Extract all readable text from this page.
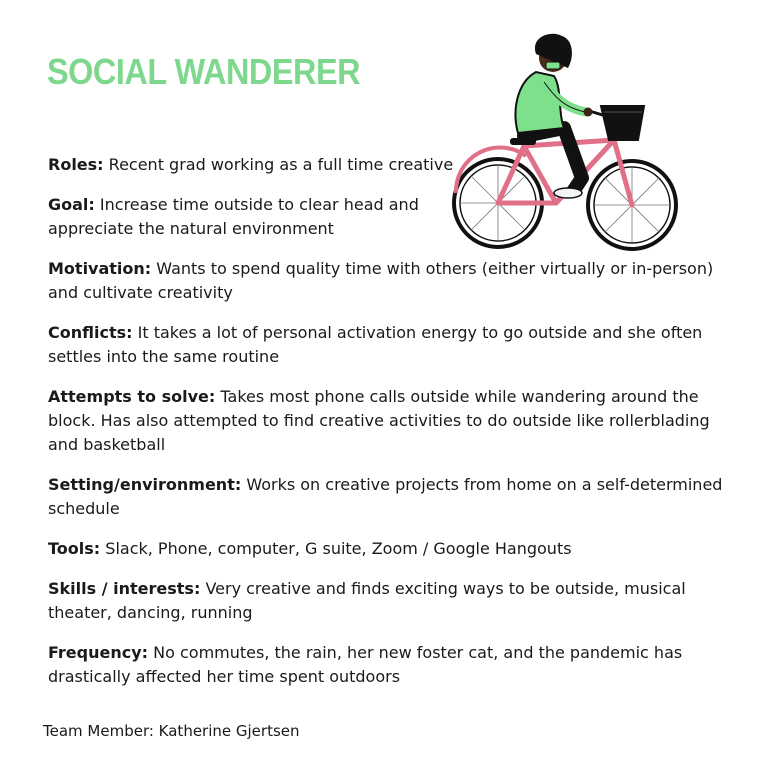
SOCIAL WANDERER

Roles: Recent grad working as a full time creative

Goal: Increase time outside to clear head and appreciate the natural environment

Motivation: Wants to spend quality time with others (either virtually or in-person) and cultivate creativity

Conflicts: It takes a lot of personal activation energy to go outside and she often settles into the same routine

Attempts to solve: Takes most phone calls outside while wandering around the block. Has also attempted to find creative activities to do outside like rollerblading and basketball

Setting/environment: Works on creative projects from home on a self-determined schedule

Tools: Slack, Phone, computer, G suite, Zoom / Google Hangouts

Skills / interests: Very creative and finds exciting ways to be outside, musical theater, dancing, running

Frequency: No commutes, the rain, her new foster cat, and the pandemic has drastically affected her time spent outdoors

Team Member: Katherine Gjertsen
